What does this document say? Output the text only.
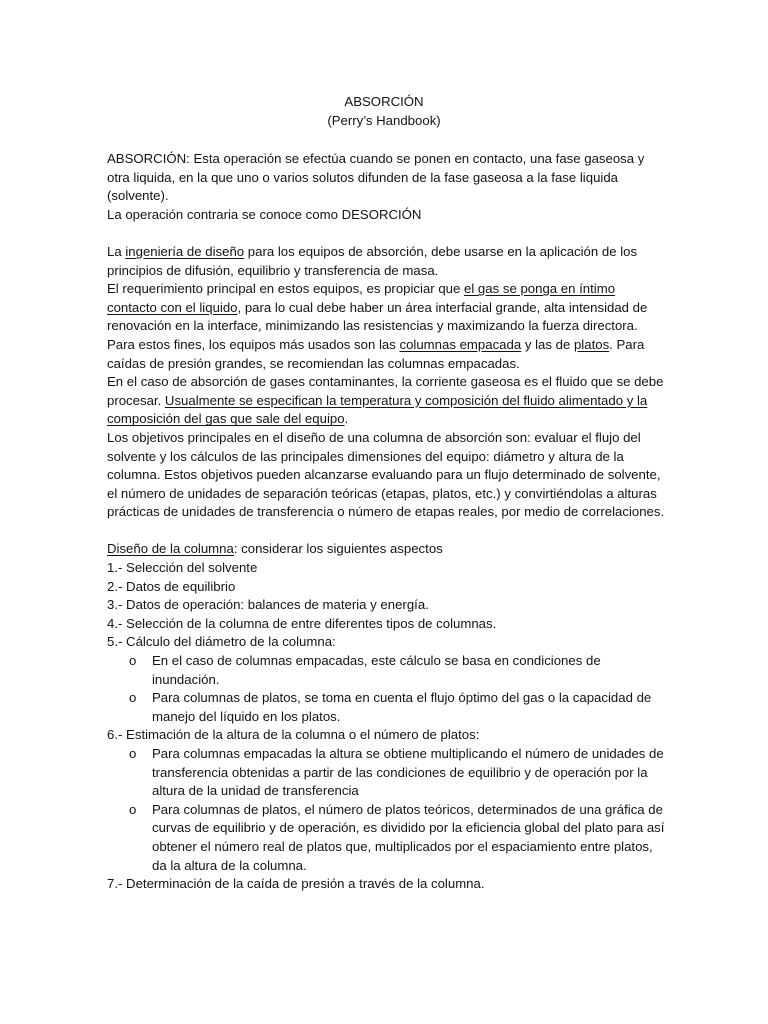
ABSORCIÓN
(Perry’s Handbook)

ABSORCIÓN: Esta operación se efectúa cuando se ponen en contacto, una fase gaseosa y otra liquida, en la que uno o varios solutos difunden de la fase gaseosa a la fase liquida (solvente).

La operación contraria se conoce como DESORCIÓN

La ingeniería de diseño para los equipos de absorción, debe usarse en la aplicación de los principios de difusión, equilibrio y transferencia de masa.

El requerimiento principal en estos equipos, es propiciar que el gas se ponga en íntimo contacto con el liquido, para lo cual debe haber un área interfacial grande, alta intensidad de renovación en la interface, minimizando las resistencias y maximizando la fuerza directora. Para estos fines, los equipos más usados son las columnas empacada y las de platos. Para caídas de presión grandes, se recomiendan las columnas empacadas.

En el caso de absorción de gases contaminantes, la corriente gaseosa es el fluido que se debe procesar. Usualmente se especifican la temperatura y composición del fluido alimentado y la composición del gas que sale del equipo.

Los objetivos principales en el diseño de una columna de absorción son: evaluar el flujo del solvente y los cálculos de las principales dimensiones del equipo: diámetro y altura de la columna. Estos objetivos pueden alcanzarse evaluando para un flujo determinado de solvente, el número de unidades de separación teóricas (etapas, platos, etc.) y convirtiéndolas a alturas prácticas de unidades de transferencia o número de etapas reales, por medio de correlaciones.

Diseño de la columna: considerar los siguientes aspectos

1.- Selección del solvente
2.- Datos de equilibrio
3.- Datos de operación: balances de materia y energía.
4.- Selección de la columna de entre diferentes tipos de columnas.
5.- Cálculo del diámetro de la columna:
o En el caso de columnas empacadas, este cálculo se basa en condiciones de inundación.
o Para columnas de platos, se toma en cuenta el flujo óptimo del gas o la capacidad de manejo del líquido en los platos.
6.- Estimación de la altura de la columna o el número de platos:
o Para columnas empacadas la altura se obtiene multiplicando el número de unidades de transferencia obtenidas a partir de las condiciones de equilibrio y de operación por la altura de la unidad de transferencia
o Para columnas de platos, el número de platos teóricos, determinados de una gráfica de curvas de equilibrio y de operación, es dividido por la eficiencia global del plato para así obtener el número real de platos que, multiplicados por el espaciamiento entre platos, da la altura de la columna.
7.- Determinación de la caída de presión a través de la columna.
